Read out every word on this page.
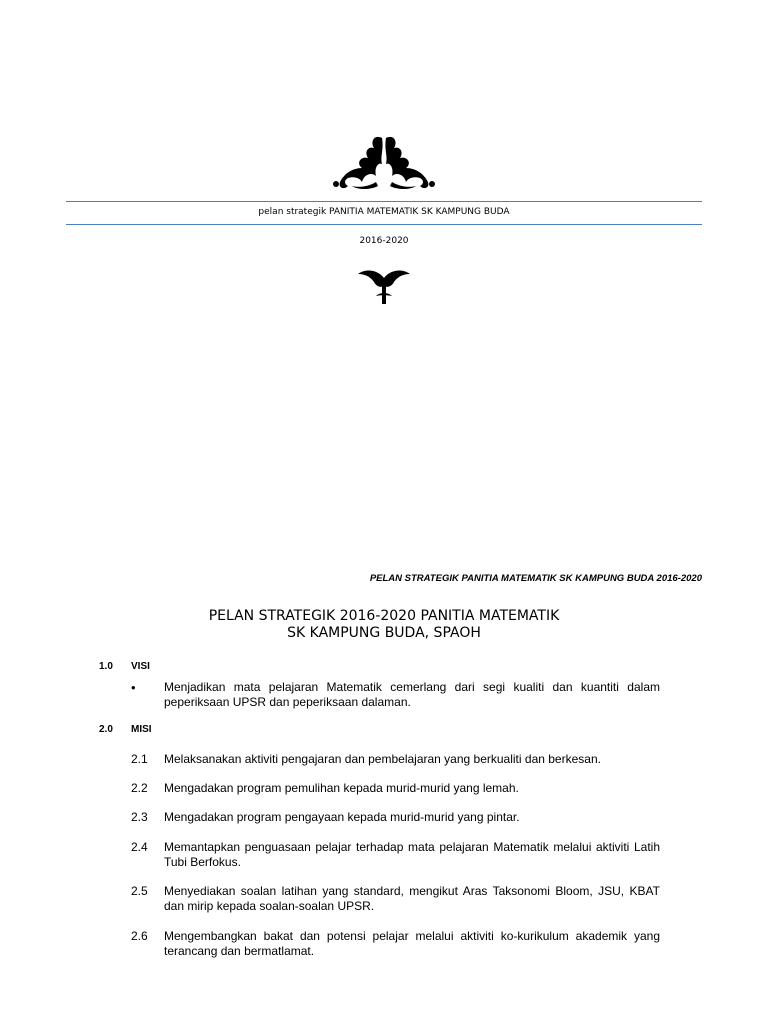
pelan strategik PANITIA MATEMATIK SK KAMPUNG BUDA
2016-2020
PELAN STRATEGIK PANITIA MATEMATIK SK KAMPUNG BUDA 2016-2020
PELAN STRATEGIK 2016-2020 PANITIA MATEMATIK
SK KAMPUNG BUDA, SPAOH
1.0 VISI
• Menjadikan mata pelajaran Matematik cemerlang dari segi kualiti dan kuantiti dalam peperiksaan UPSR dan peperiksaan dalaman.
2.0 MISI
2.1 Melaksanakan aktiviti pengajaran dan pembelajaran yang berkualiti dan berkesan.
2.2 Mengadakan program pemulihan kepada murid-murid yang lemah.
2.3 Mengadakan program pengayaan kepada murid-murid yang pintar.
2.4 Memantapkan penguasaan pelajar terhadap mata pelajaran Matematik melalui aktiviti Latih Tubi Berfokus.
2.5 Menyediakan soalan latihan yang standard, mengikut Aras Taksonomi Bloom, JSU, KBAT dan mirip kepada soalan-soalan UPSR.
2.6 Mengembangkan bakat dan potensi pelajar melalui aktiviti ko-kurikulum akademik yang terancang dan bermatlamat.
